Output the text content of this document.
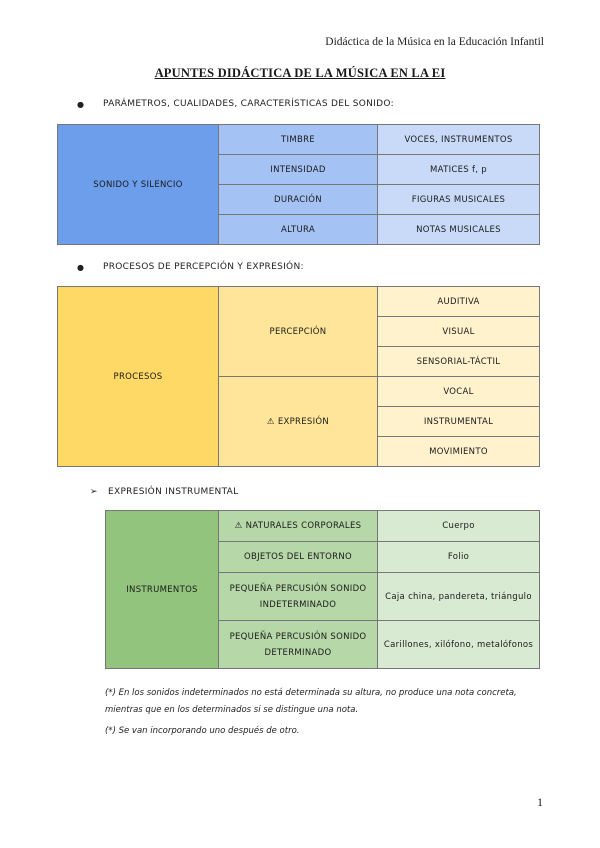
Didáctica de la Música en la Educación Infantil
APUNTES DIDÁCTICA DE LA MÚSICA EN LA EI
●	PARÁMETROS, CUALIDADES, CARACTERÍSTICAS DEL SONIDO:
SONIDO Y SILENCIO	TIMBRE	VOCES, INSTRUMENTOS
	INTENSIDAD	MATICES f, p
	DURACIÓN	FIGURAS MUSICALES
	ALTURA	NOTAS MUSICALES
●	PROCESOS DE PERCEPCIÓN Y EXPRESIÓN:
PROCESOS	PERCEPCIÓN	AUDITIVA
		VISUAL
		SENSORIAL-TÁCTIL
	⚠ EXPRESIÓN	VOCAL
		INSTRUMENTAL
		MOVIMIENTO
➢	EXPRESIÓN INSTRUMENTAL
INSTRUMENTOS	⚠ NATURALES CORPORALES	Cuerpo
	OBJETOS DEL ENTORNO	Folio
	PEQUEÑA PERCUSIÓN SONIDO INDETERMINADO	Caja china, pandereta, triángulo
	PEQUEÑA PERCUSIÓN SONIDO DETERMINADO	Carillones, xilófono, metalófonos
(*) En los sonidos indeterminados no está determinada su altura, no produce una nota concreta, mientras que en los determinados si se distingue una nota.
(*) Se van incorporando uno después de otro.
1
